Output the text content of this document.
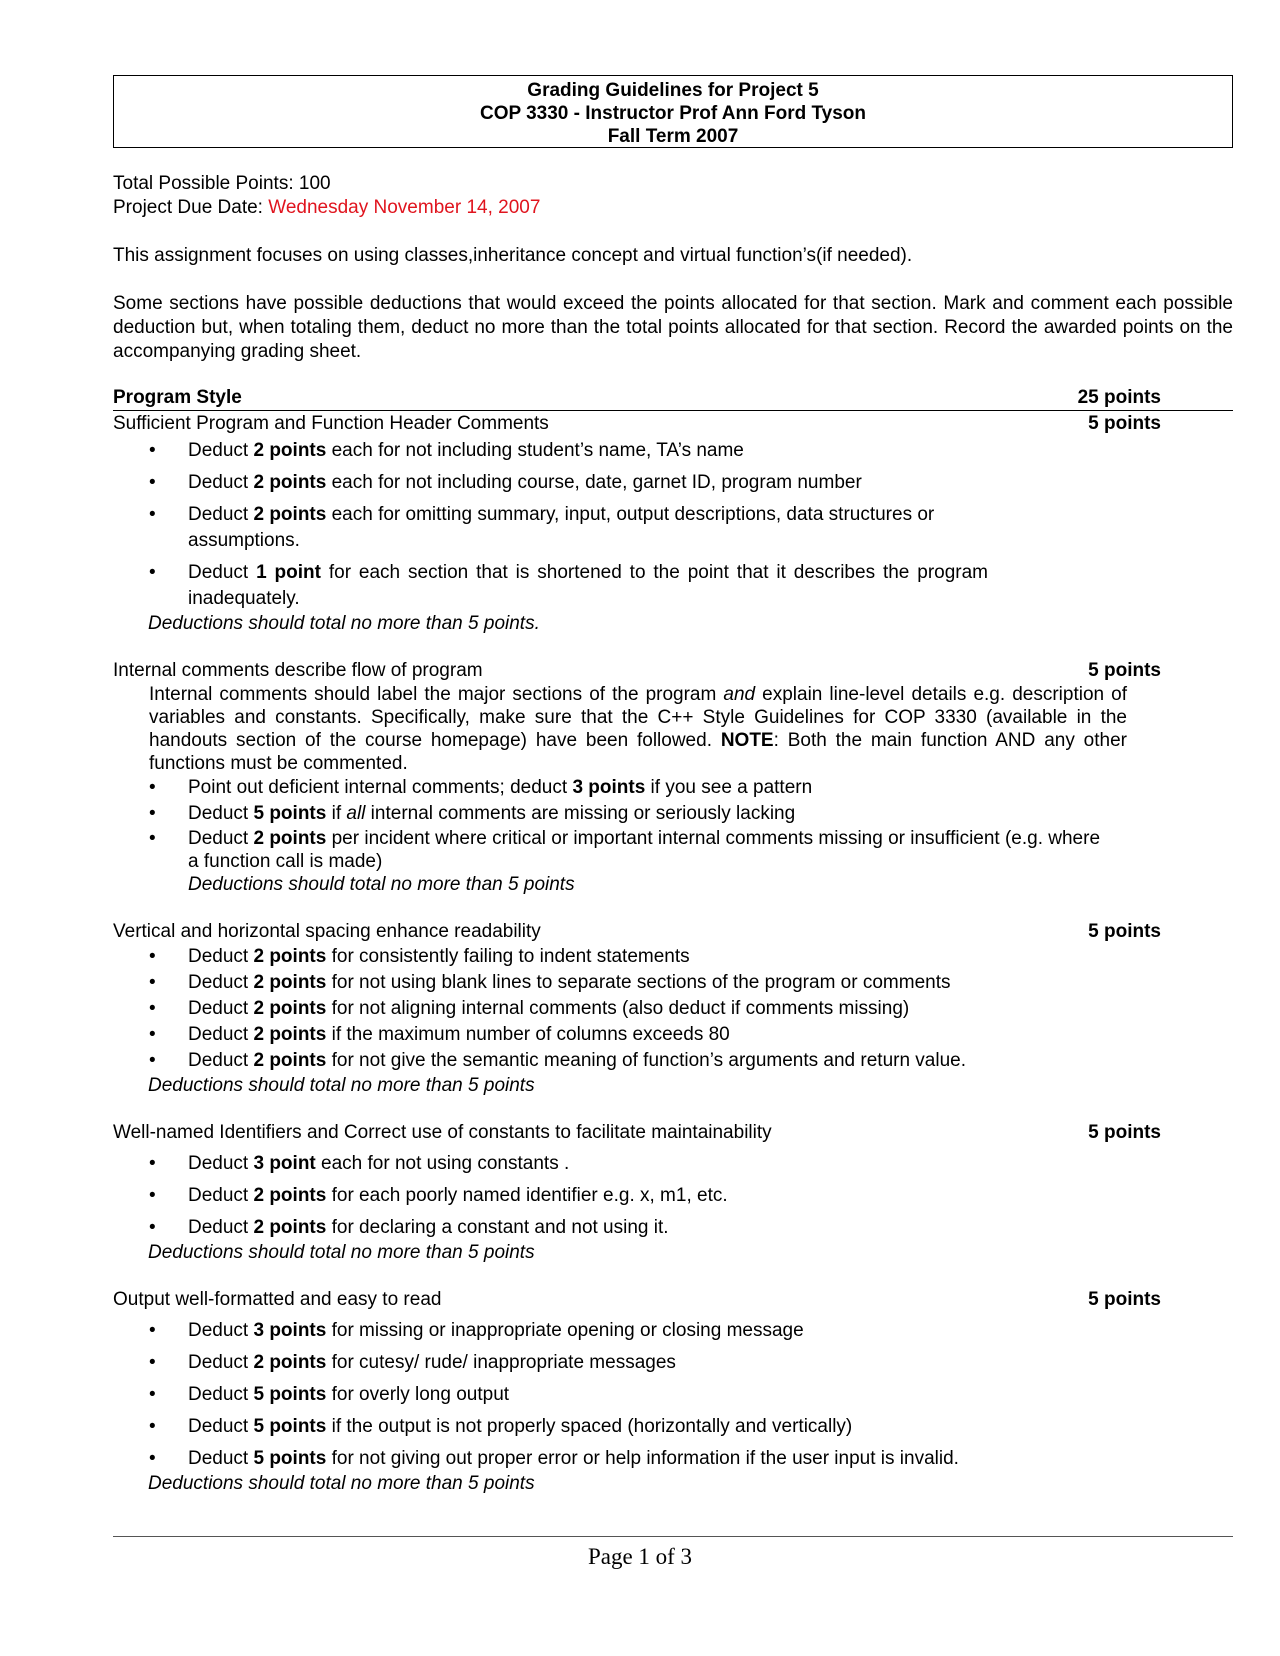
Grading Guidelines for Project 5
COP 3330 - Instructor Prof Ann Ford Tyson
Fall Term 2007
Total Possible Points: 100
Project Due Date: Wednesday November 14, 2007
This assignment focuses on using classes,inheritance concept and virtual function’s(if needed).
Some sections have possible deductions that would exceed the points allocated for that section. Mark and comment each possible deduction but, when totaling them, deduct no more than the total points allocated for that section. Record the awarded points on the accompanying grading sheet.
Program Style	25 points
Sufficient Program and Function Header Comments	5 points
• Deduct 2 points each for not including student’s name, TA’s name
• Deduct 2 points each for not including course, date, garnet ID, program number
• Deduct 2 points each for omitting summary, input, output descriptions, data structures or assumptions.
• Deduct 1 point for each section that is shortened to the point that it describes the program inadequately.
Deductions should total no more than 5 points.
Internal comments describe flow of program	5 points
Internal comments should label the major sections of the program and explain line-level details e.g. description of variables and constants. Specifically, make sure that the C++ Style Guidelines for COP 3330 (available in the handouts section of the course homepage) have been followed. NOTE: Both the main function AND any other functions must be commented.
• Point out deficient internal comments; deduct 3 points if you see a pattern
• Deduct 5 points if all internal comments are missing or seriously lacking
• Deduct 2 points per incident where critical or important internal comments missing or insufficient (e.g. where a function call is made)
Deductions should total no more than 5 points
Vertical and horizontal spacing enhance readability	5 points
• Deduct 2 points for consistently failing to indent statements
• Deduct 2 points for not using blank lines to separate sections of the program or comments
• Deduct 2 points for not aligning internal comments (also deduct if comments missing)
• Deduct 2 points if the maximum number of columns exceeds 80
• Deduct 2 points for not give the semantic meaning of function’s arguments and return value.
Deductions should total no more than 5 points
Well-named Identifiers and Correct use of constants to facilitate maintainability	5 points
• Deduct 3 point each for not using constants .
• Deduct 2 points for each poorly named identifier e.g. x, m1, etc.
• Deduct 2 points for declaring a constant and not using it.
Deductions should total no more than 5 points
Output well-formatted and easy to read	5 points
• Deduct 3 points for missing or inappropriate opening or closing message
• Deduct 2 points for cutesy/ rude/ inappropriate messages
• Deduct 5 points for overly long output
• Deduct 5 points if the output is not properly spaced (horizontally and vertically)
• Deduct 5 points for not giving out proper error or help information if the user input is invalid.
Deductions should total no more than 5 points
Page 1 of 3
